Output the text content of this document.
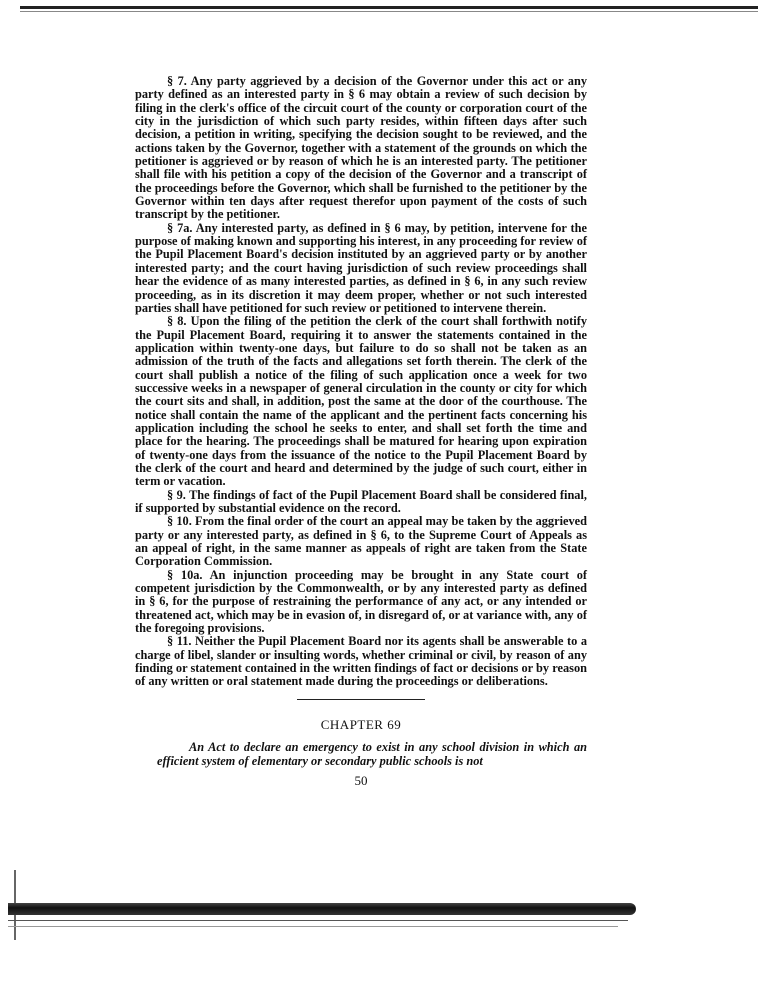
§ 7. Any party aggrieved by a decision of the Governor under this act or any party defined as an interested party in § 6 may obtain a review of such decision by filing in the clerk's office of the circuit court of the county or corporation court of the city in the jurisdiction of which such party resides, within fifteen days after such decision, a petition in writing, specifying the decision sought to be reviewed, and the actions taken by the Governor, together with a statement of the grounds on which the petitioner is aggrieved or by reason of which he is an interested party. The petitioner shall file with his petition a copy of the decision of the Governor and a transcript of the proceedings before the Governor, which shall be furnished to the petitioner by the Governor within ten days after request therefor upon payment of the costs of such transcript by the petitioner.

§ 7a. Any interested party, as defined in § 6 may, by petition, intervene for the purpose of making known and supporting his interest, in any proceeding for review of the Pupil Placement Board's decision instituted by an aggrieved party or by another interested party; and the court having jurisdiction of such review proceedings shall hear the evidence of as many interested parties, as defined in § 6, in any such review proceeding, as in its discretion it may deem proper, whether or not such interested parties shall have petitioned for such review or petitioned to intervene therein.

§ 8. Upon the filing of the petition the clerk of the court shall forthwith notify the Pupil Placement Board, requiring it to answer the statements contained in the application within twenty-one days, but failure to do so shall not be taken as an admission of the truth of the facts and allegations set forth therein. The clerk of the court shall publish a notice of the filing of such application once a week for two successive weeks in a newspaper of general circulation in the county or city for which the court sits and shall, in addition, post the same at the door of the courthouse. The notice shall contain the name of the applicant and the pertinent facts concerning his application including the school he seeks to enter, and shall set forth the time and place for the hearing. The proceedings shall be matured for hearing upon expiration of twenty-one days from the issuance of the notice to the Pupil Placement Board by the clerk of the court and heard and determined by the judge of such court, either in term or vacation.

§ 9. The findings of fact of the Pupil Placement Board shall be considered final, if supported by substantial evidence on the record.

§ 10. From the final order of the court an appeal may be taken by the aggrieved party or any interested party, as defined in § 6, to the Supreme Court of Appeals as an appeal of right, in the same manner as appeals of right are taken from the State Corporation Commission.

§ 10a. An injunction proceeding may be brought in any State court of competent jurisdiction by the Commonwealth, or by any interested party as defined in § 6, for the purpose of restraining the performance of any act, or any intended or threatened act, which may be in evasion of, in disregard of, or at variance with, any of the foregoing provisions.

§ 11. Neither the Pupil Placement Board nor its agents shall be answerable to a charge of libel, slander or insulting words, whether criminal or civil, by reason of any finding or statement contained in the written findings of fact or decisions or by reason of any written or oral statement made during the proceedings or deliberations.

CHAPTER 69

An Act to declare an emergency to exist in any school division in which an efficient system of elementary or secondary public schools is not

50
